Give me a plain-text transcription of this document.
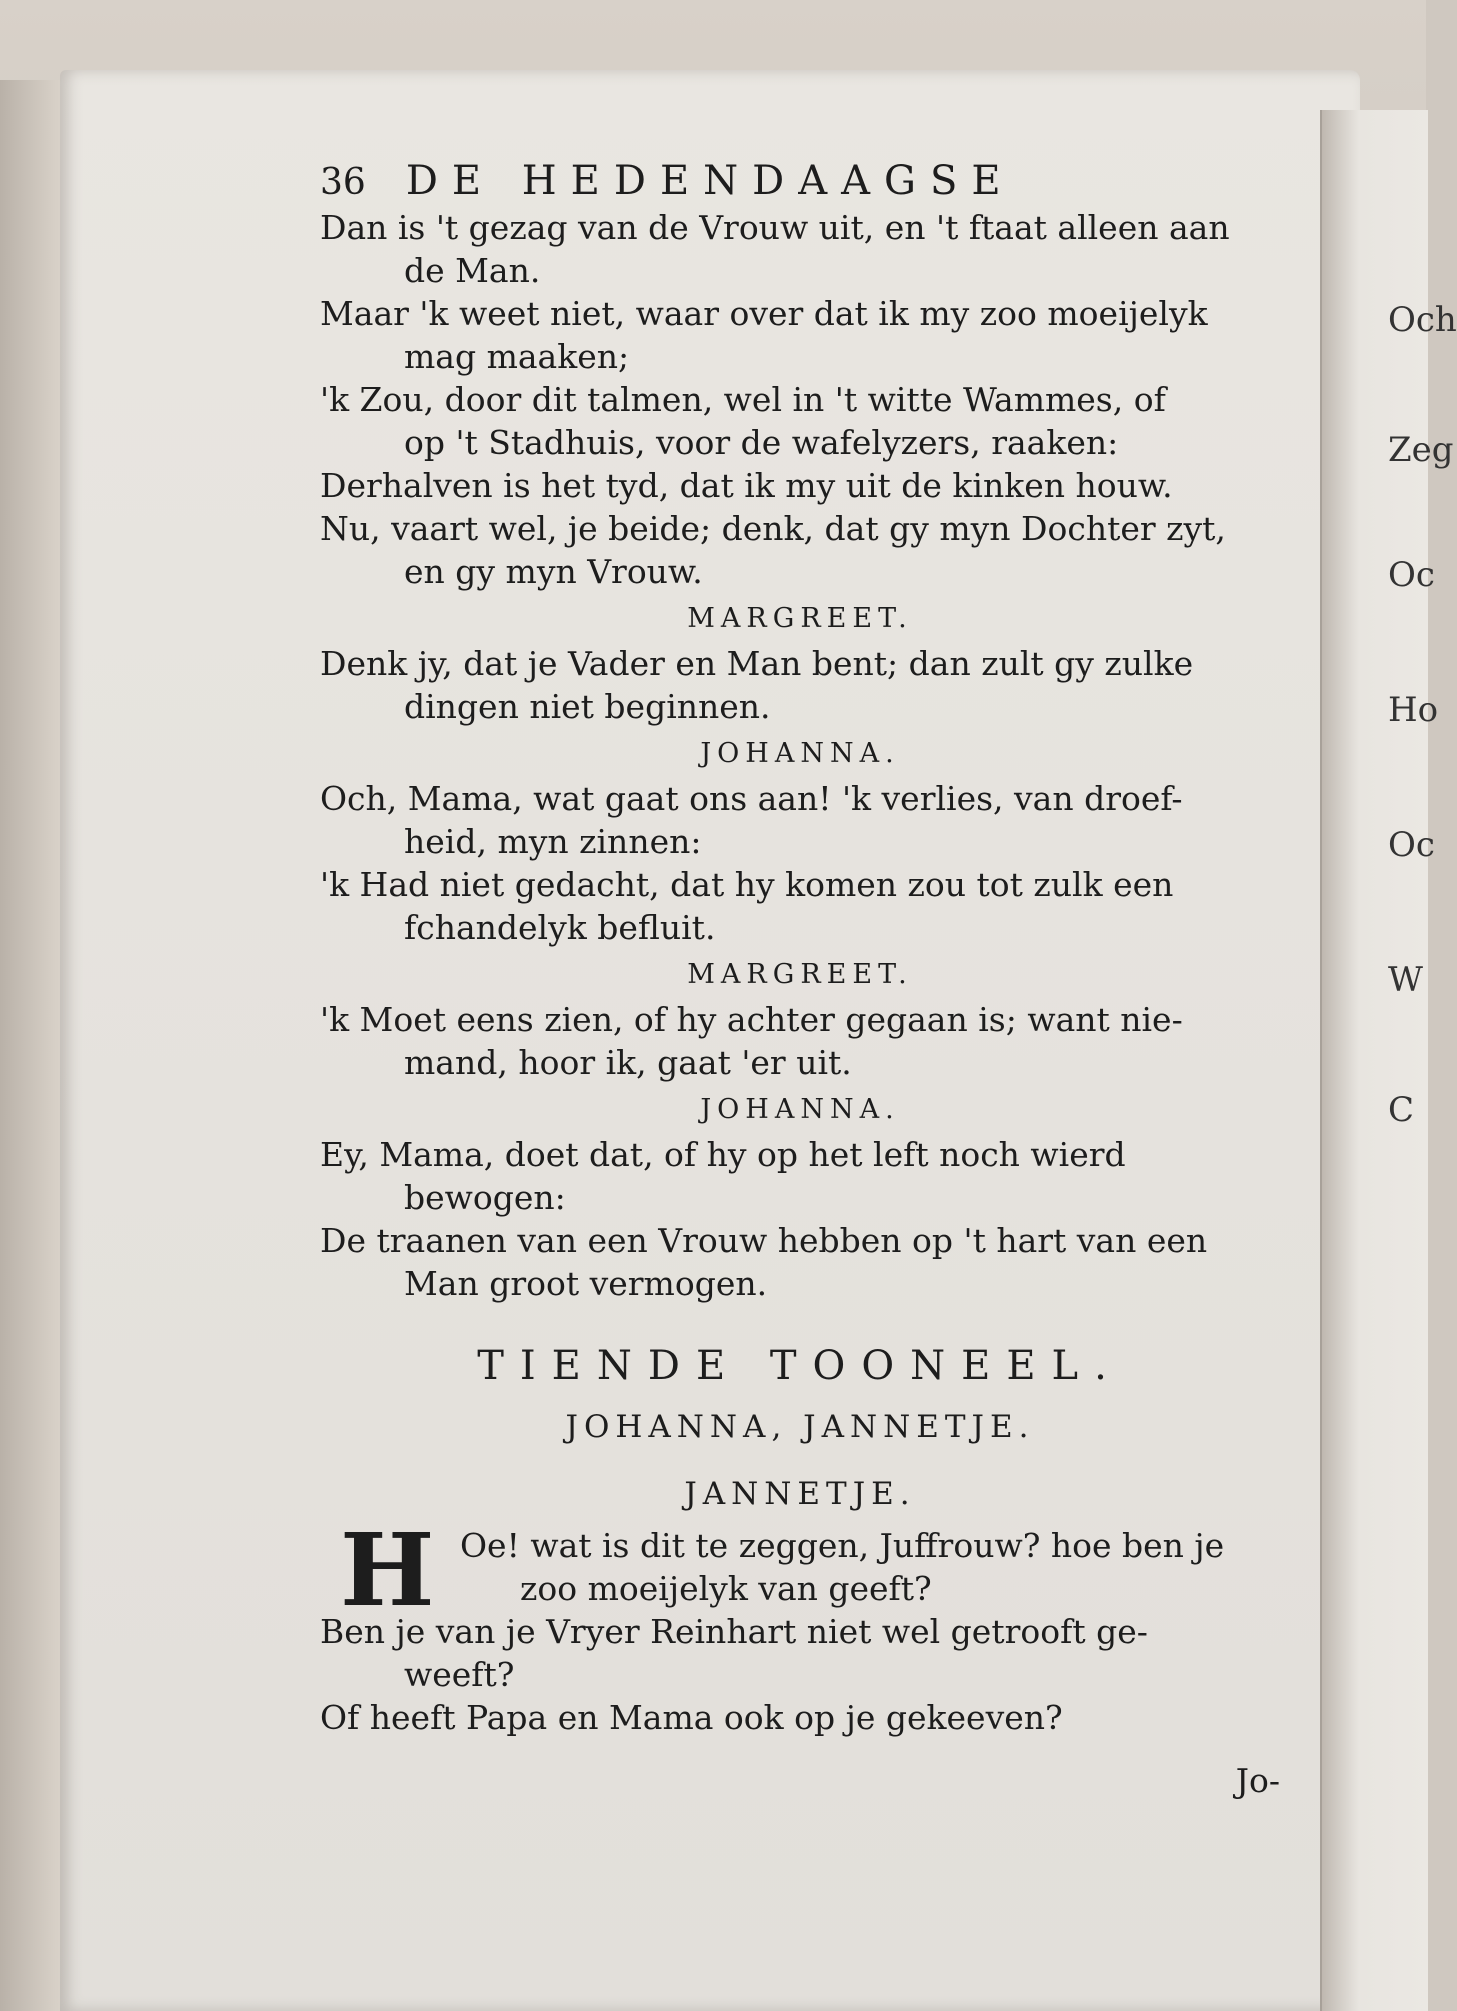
Och
Zeg
Oc
Ho
Oc
W
C
36 DE HEDENDAAGSE
Dan is 't gezag van de Vrouw uit, en 't ftaat alleen aan
de Man.
Maar 'k weet niet, waar over dat ik my zoo moeijelyk
mag maaken;
'k Zou, door dit talmen, wel in 't witte Wammes, of
op 't Stadhuis, voor de wafelyzers, raaken:
Derhalven is het tyd, dat ik my uit de kinken houw.
Nu, vaart wel, je beide; denk, dat gy myn Dochter zyt,
en gy myn Vrouw.
MARGREET.
Denk jy, dat je Vader en Man bent; dan zult gy zulke
dingen niet beginnen.
JOHANNA.
Och, Mama, wat gaat ons aan! 'k verlies, van droef-
heid, myn zinnen:
'k Had niet gedacht, dat hy komen zou tot zulk een
fchandelyk befluit.
MARGREET.
'k Moet eens zien, of hy achter gegaan is; want nie-
mand, hoor ik, gaat 'er uit.
JOHANNA.
Ey, Mama, doet dat, of hy op het left noch wierd
bewogen:
De traanen van een Vrouw hebben op 't hart van een
Man groot vermogen.
TIENDE TOONEEL.
JOHANNA, JANNETJE.
JANNETJE.
H Oe! wat is dit te zeggen, Juffrouw? hoe ben je
zoo moeijelyk van geeft?
Ben je van je Vryer Reinhart niet wel getrooft ge-
weeft?
Of heeft Papa en Mama ook op je gekeeven?
Jo-
